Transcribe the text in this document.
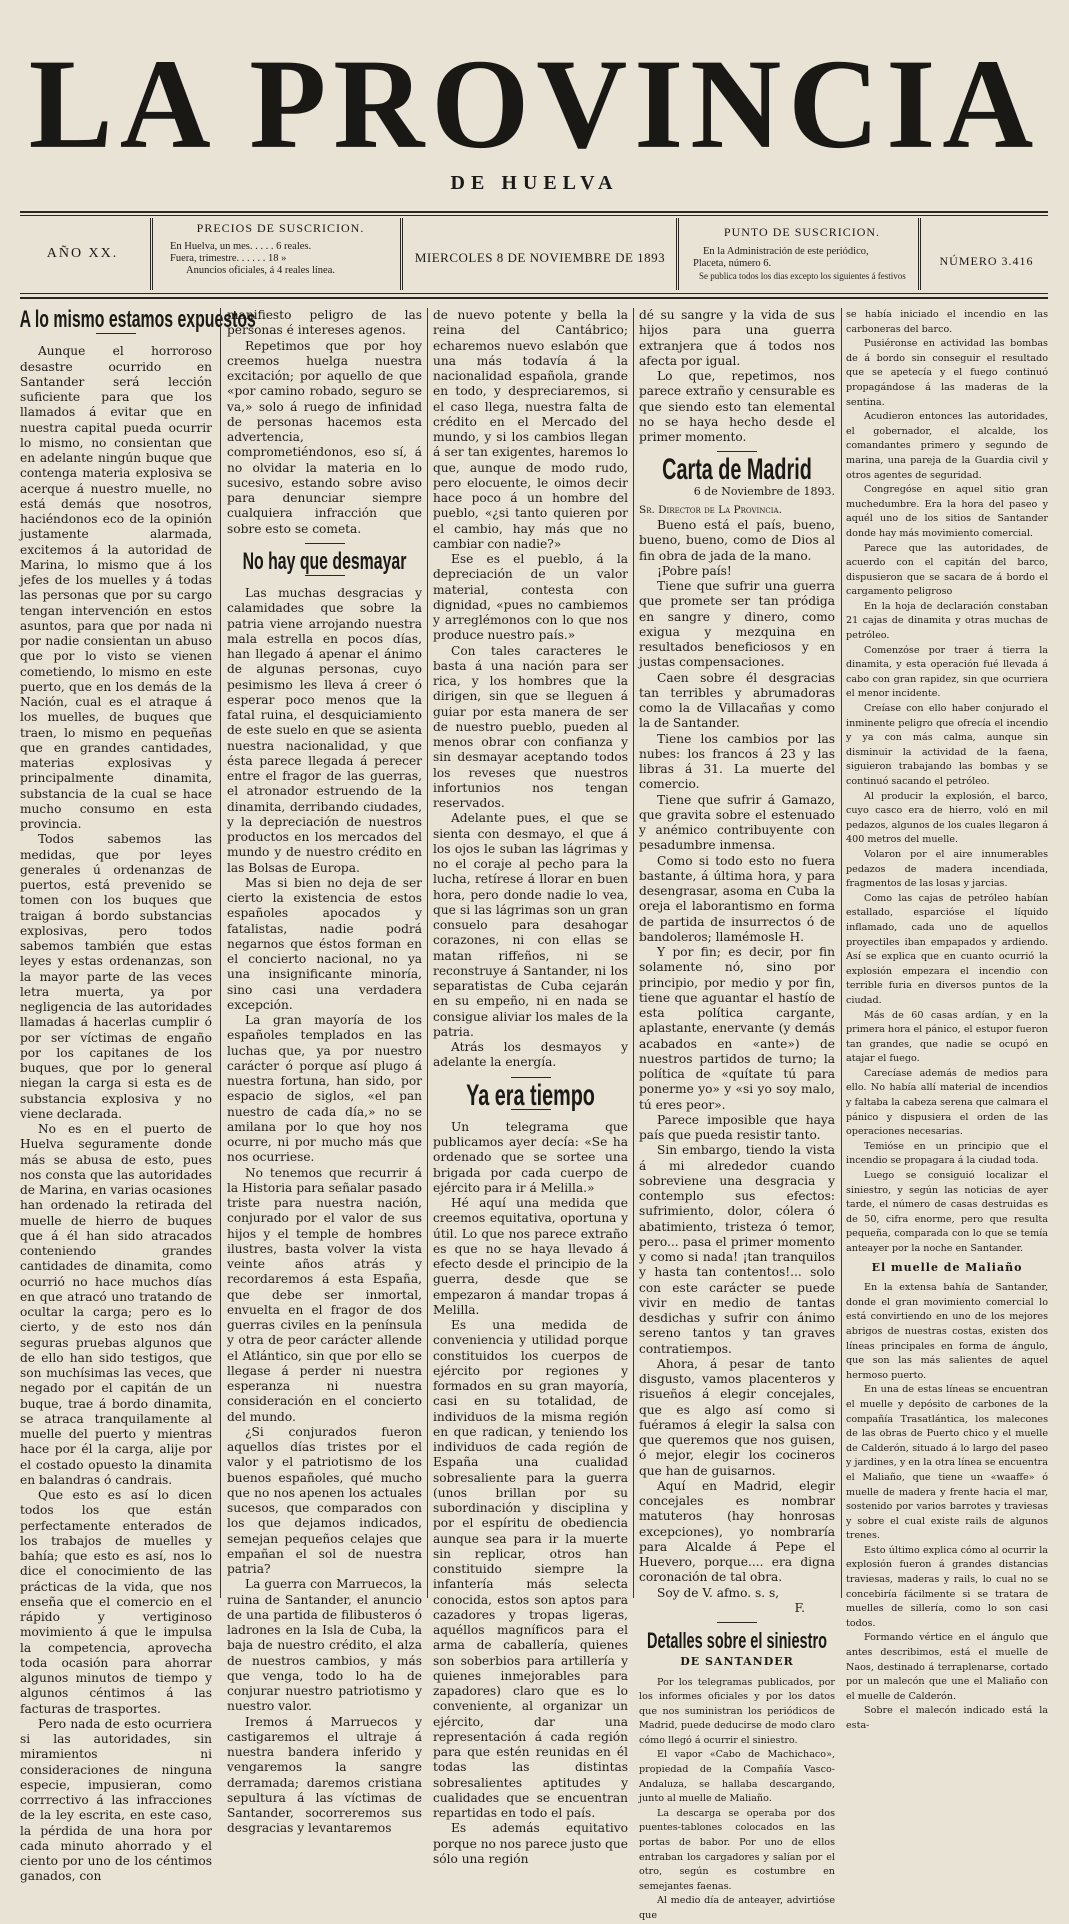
LA PROVINCIA
DE HUELVA
AÑO XX.
PRECIOS DE SUSCRICION.
En Huelva, un mes. . . . . 6 reales.
Fuera, trimestre. . . . . . 18 »
Anuncios oficiales, á 4 reales línea.
MIERCOLES 8 DE NOVIEMBRE DE 1893
PUNTO DE SUSCRICION.
En la Administración de este periódico,
Placeta, número 6.
Se publica todos los dias excepto los siguientes á festivos
NÚMERO 3.416
A lo mismo estamos expuestos

Aunque el horroroso desastre ocurrido en Santander será lección suficiente para que los llamados á evitar que en nuestra capital pueda ocurrir lo mismo, no consientan que en adelante ningún buque que contenga materia explosiva se acerque á nuestro muelle, no está demás que nosotros, haciéndonos eco de la opinión justamente alarmada, excitemos á la autoridad de Marina, lo mismo que á los jefes de los muelles y á todas las personas que por su cargo tengan intervención en estos asuntos, para que por nada ni por nadie consientan un abuso que por lo visto se vienen cometiendo, lo mismo en este puerto, que en los demás de la Nación, cual es el atraque á los muelles, de buques que traen, lo mismo en pequeñas que en grandes cantidades, materias explosivas y principalmente dinamita, substancia de la cual se hace mucho consumo en esta provincia.

Todos sabemos las medidas, que por leyes generales ú ordenanzas de puertos, está prevenido se tomen con los buques que traigan á bordo substancias explosivas, pero todos sabemos también que estas leyes y estas ordenanzas, son la mayor parte de las veces letra muerta, ya por negligencia de las autoridades llamadas á hacerlas cumplir ó por ser víctimas de engaño por los capitanes de los buques, que por lo general niegan la carga si esta es de substancia explosiva y no viene declarada.

No es en el puerto de Huelva seguramente donde más se abusa de esto, pues nos consta que las autoridades de Marina, en varias ocasiones han ordenado la retirada del muelle de hierro de buques que á él han sido atracados conteniendo grandes cantidades de dinamita, como ocurrió no hace muchos días en que atracó uno tratando de ocultar la carga; pero es lo cierto, y de esto nos dán seguras pruebas algunos que de ello han sido testigos, que son muchísimas las veces, que negado por el capitán de un buque, trae á bordo dinamita, se atraca tranquilamente al muelle del puerto y mientras hace por él la carga, alije por el costado opuesto la dinamita en balandras ó candrais.

Que esto es así lo dicen todos los que están perfectamente enterados de los trabajos de muelles y bahía; que esto es así, nos lo dice el conocimiento de las prácticas de la vida, que nos enseña que el comercio en el rápido y vertiginoso movimiento á que le impulsa la competencia, aprovecha toda ocasión para ahorrar algunos minutos de tiempo y algunos céntimos á las facturas de trasportes.

Pero nada de esto ocurriera si las autoridades, sin miramientos ni consideraciones de ninguna especie, impusieran, como corrrectivo á las infracciones de la ley escrita, en este caso, la pérdida de una hora por cada minuto ahorrado y el ciento por uno de los céntimos ganados, con

manifiesto peligro de las personas é intereses agenos.

Repetimos que por hoy creemos huelga nuestra excitación; por aquello de que «por camino robado, seguro se va,» solo á ruego de infinidad de personas hacemos esta advertencia, comprometiéndonos, eso sí, á no olvidar la materia en lo sucesivo, estando sobre aviso para denunciar siempre cualquiera infracción que sobre esto se cometa.

No hay que desmayar

Las muchas desgracias y calamidades que sobre la patria viene arrojando nuestra mala estrella en pocos días, han llegado á apenar el ánimo de algunas personas, cuyo pesimismo les lleva á creer ó esperar poco menos que la fatal ruina, el desquiciamiento de este suelo en que se asienta nuestra nacionalidad, y que ésta parece llegada á perecer entre el fragor de las guerras, el atronador estruendo de la dinamita, derribando ciudades, y la depreciación de nuestros productos en los mercados del mundo y de nuestro crédito en las Bolsas de Europa.

Mas si bien no deja de ser cierto la existencia de estos españoles apocados y fatalistas, nadie podrá negarnos que éstos forman en el concierto nacional, no ya una insignificante minoría, sino casi una verdadera excepción.

La gran mayoría de los españoles templados en las luchas que, ya por nuestro carácter ó porque así plugo á nuestra fortuna, han sido, por espacio de siglos, «el pan nuestro de cada día,» no se amilana por lo que hoy nos ocurre, ni por mucho más que nos ocurriese.

No tenemos que recurrir á la Historia para señalar pasado triste para nuestra nación, conjurado por el valor de sus hijos y el temple de hombres ilustres, basta volver la vista veinte años atrás y recordaremos á esta España, que debe ser inmortal, envuelta en el fragor de dos guerras civiles en la península y otra de peor carácter allende el Atlántico, sin que por ello se llegase á perder ni nuestra esperanza ni nuestra consideración en el concierto del mundo.

¿Si conjurados fueron aquellos días tristes por el valor y el patriotismo de los buenos españoles, qué mucho que no nos apenen los actuales sucesos, que comparados con los que dejamos indicados, semejan pequeños celajes que empañan el sol de nuestra patria?

La guerra con Marruecos, la ruina de Santander, el anuncio de una partida de filibusteros ó ladrones en la Isla de Cuba, la baja de nuestro crédito, el alza de nuestros cambios, y más que venga, todo lo ha de conjurar nuestro patriotismo y nuestro valor.

Iremos á Marruecos y castigaremos el ultraje á nuestra bandera inferido y vengaremos la sangre derramada; daremos cristiana sepultura á las víctimas de Santander, socorreremos sus desgracias y levantaremos

de nuevo potente y bella la reina del Cantábrico; echaremos nuevo eslabón que una más todavía á la nacionalidad española, grande en todo, y despreciaremos, si el caso llega, nuestra falta de crédito en el Mercado del mundo, y si los cambios llegan á ser tan exigentes, haremos lo que, aunque de modo rudo, pero elocuente, le oimos decir hace poco á un hombre del pueblo, «¿si tanto quieren por el cambio, hay más que no cambiar con nadie?»

Ese es el pueblo, á la depreciación de un valor material, contesta con dignidad, «pues no cambiemos y arreglémonos con lo que nos produce nuestro país.»

Con tales caracteres le basta á una nación para ser rica, y los hombres que la dirigen, sin que se lleguen á guiar por esta manera de ser de nuestro pueblo, pueden al menos obrar con confianza y sin desmayar aceptando todos los reveses que nuestros infortunios nos tengan reservados.

Adelante pues, el que se sienta con desmayo, el que á los ojos le suban las lágrimas y no el coraje al pecho para la lucha, retírese á llorar en buen hora, pero donde nadie lo vea, que si las lágrimas son un gran consuelo para desahogar corazones, ni con ellas se matan riffeños, ni se reconstruye á Santander, ni los separatistas de Cuba cejarán en su empeño, ni en nada se consigue aliviar los males de la patria.

Atrás los desmayos y adelante la energía.

Ya era tiempo

Un telegrama que publicamos ayer decía: «Se ha ordenado que se sortee una brigada por cada cuerpo de ejército para ir á Melilla.»

Hé aquí una medida que creemos equitativa, oportuna y útil. Lo que nos parece extraño es que no se haya llevado á efecto desde el principio de la guerra, desde que se empezaron á mandar tropas á Melilla.

Es una medida de conveniencia y utilidad porque constituidos los cuerpos de ejército por regiones y formados en su gran mayoría, casi en su totalidad, de individuos de la misma región en que radican, y teniendo los individuos de cada región de España una cualidad sobresaliente para la guerra (unos brillan por su subordinación y disciplina y por el espíritu de obediencia aunque sea para ir la muerte sin replicar, otros han constituido siempre la infantería más selecta conocida, estos son aptos para cazadores y tropas ligeras, aquéllos magníficos para el arma de caballería, quienes son soberbios para artillería y quienes inmejorables para zapadores) claro que es lo conveniente, al organizar un ejército, dar una representación á cada región para que estén reunidas en él todas las distintas sobresalientes aptitudes y cualidades que se encuentran repartidas en todo el país.

Es además equitativo porque no nos parece justo que sólo una región

dé su sangre y la vida de sus hijos para una guerra extranjera que á todos nos afecta por igual.

Lo que, repetimos, nos parece extraño y censurable es que siendo esto tan elemental no se haya hecho desde el primer momento.

Carta de Madrid
6 de Noviembre de 1893.

Sr. Director de La Provincia.

Bueno está el país, bueno, bueno, bueno, como de Dios al fin obra de jada de la mano.

¡Pobre país!

Tiene que sufrir una guerra que promete ser tan pródiga en sangre y dinero, como exigua y mezquina en resultados beneficiosos y en justas compensaciones.

Caen sobre él desgracias tan terribles y abrumadoras como la de Villacañas y como la de Santander.

Tiene los cambios por las nubes: los francos á 23 y las libras á 31. La muerte del comercio.

Tiene que sufrir á Gamazo, que gravita sobre el estenuado y anémico contribuyente con pesadumbre inmensa.

Como si todo esto no fuera bastante, á última hora, y para desengrasar, asoma en Cuba la oreja el laborantismo en forma de partida de insurrectos ó de bandoleros; llamémosle H.

Y por fin; es decir, por fin solamente nó, sino por principio, por medio y por fin, tiene que aguantar el hastío de esta política cargante, aplastante, enervante (y demás acabados en «ante») de nuestros partidos de turno; la política de «quítate tú para ponerme yo» y «si yo soy malo, tú eres peor».

Parece imposible que haya país que pueda resistir tanto.

Sin embargo, tiendo la vista á mi alrededor cuando sobreviene una desgracia y contemplo sus efectos: sufrimiento, dolor, cólera ó abatimiento, tristeza ó temor, pero... pasa el primer momento y como si nada! ¡tan tranquilos y hasta tan contentos!... solo con este carácter se puede vivir en medio de tantas desdichas y sufrir con ánimo sereno tantos y tan graves contratiempos.

Ahora, á pesar de tanto disgusto, vamos placenteros y risueños á elegir concejales, que es algo así como si fuéramos á elegir la salsa con que queremos que nos guisen, ó mejor, elegir los cocineros que han de guisarnos.

Aquí en Madrid, elegir concejales es nombrar matuteros (hay honrosas excepciones), yo nombraría para Alcalde á Pepe el Huevero, porque.... era digna coronación de tal obra.

Soy de V. afmo. s. s,

F.

Detalles sobre el siniestro
DE SANTANDER

Por los telegramas publicados, por los informes oficiales y por los datos que nos suministran los periódicos de Madrid, puede deducirse de modo claro cómo llegó á ocurrir el siniestro.

El vapor «Cabo de Machichaco», propiedad de la Compañía Vasco-Andaluza, se hallaba descargando, junto al muelle de Maliaño.

La descarga se operaba por dos puentes-tablones colocados en las portas de babor. Por uno de ellos entraban los cargadores y salían por el otro, según es costumbre en semejantes faenas.

Al medio día de anteayer, advirtióse que

se había iniciado el incendio en las carboneras del barco.

Pusiéronse en actividad las bombas de á bordo sin conseguir el resultado que se apetecía y el fuego continuó propagándose á las maderas de la sentina.

Acudieron entonces las autoridades, el gobernador, el alcalde, los comandantes primero y segundo de marina, una pareja de la Guardia civil y otros agentes de seguridad.

Congregóse en aquel sitio gran muchedumbre. Era la hora del paseo y aquél uno de los sitios de Santander donde hay más movimiento comercial.

Parece que las autoridades, de acuerdo con el capitán del barco, dispusieron que se sacara de á bordo el cargamento peligroso

En la hoja de declaración constaban 21 cajas de dinamita y otras muchas de petróleo.

Comenzóse por traer á tierra la dinamita, y esta operación fué llevada á cabo con gran rapidez, sin que ocurriera el menor incidente.

Creíase con ello haber conjurado el inminente peligro que ofrecía el incendio y ya con más calma, aunque sin disminuir la actividad de la faena, siguieron trabajando las bombas y se continuó sacando el petróleo.

Al producir la explosión, el barco, cuyo casco era de hierro, voló en mil pedazos, algunos de los cuales llegaron á 400 metros del muelle.

Volaron por el aire innumerables pedazos de madera incendiada, fragmentos de las losas y jarcias.

Como las cajas de petróleo habían estallado, esparcióse el líquido inflamado, cada uno de aquellos proyectiles iban empapados y ardiendo. Así se explica que en cuanto ocurrió la explosión empezara el incendio con terrible furia en diversos puntos de la ciudad.

Más de 60 casas ardían, y en la primera hora el pánico, el estupor fueron tan grandes, que nadie se ocupó en atajar el fuego.

Carecíase además de medios para ello. No había allí material de incendios y faltaba la cabeza serena que calmara el pánico y dispusiera el orden de las operaciones necesarias.

Temióse en un principio que el incendio se propagara á la ciudad toda.

Luego se consiguió localizar el siniestro, y según las noticias de ayer tarde, el número de casas destruidas es de 50, cifra enorme, pero que resulta pequeña, comparada con lo que se temía anteayer por la noche en Santander.

El muelle de Maliaño

En la extensa bahía de Santander, donde el gran movimiento comercial lo está convirtiendo en uno de los mejores abrigos de nuestras costas, existen dos líneas principales en forma de ángulo, que son las más salientes de aquel hermoso puerto.

En una de estas líneas se encuentran el muelle y depósito de carbones de la compañía Trasatlántica, los malecones de las obras de Puerto chico y el muelle de Calderón, situado á lo largo del paseo y jardines, y en la otra línea se encuentra el Maliaño, que tiene un «waaffe» ó muelle de madera y frente hacia el mar, sostenido por varios barrotes y traviesas y sobre el cual existe rails de algunos trenes.

Esto último explica cómo al ocurrir la explosión fueron á grandes distancias traviesas, maderas y rails, lo cual no se concebiría fácilmente si se tratara de muelles de sillería, como lo son casi todos.

Formando vértice en el ángulo que antes describimos, está el muelle de Naos, destinado á terraplenarse, cortado por un malecón que une el Maliaño con el muelle de Calderón.

Sobre el malecón indicado está la esta-
